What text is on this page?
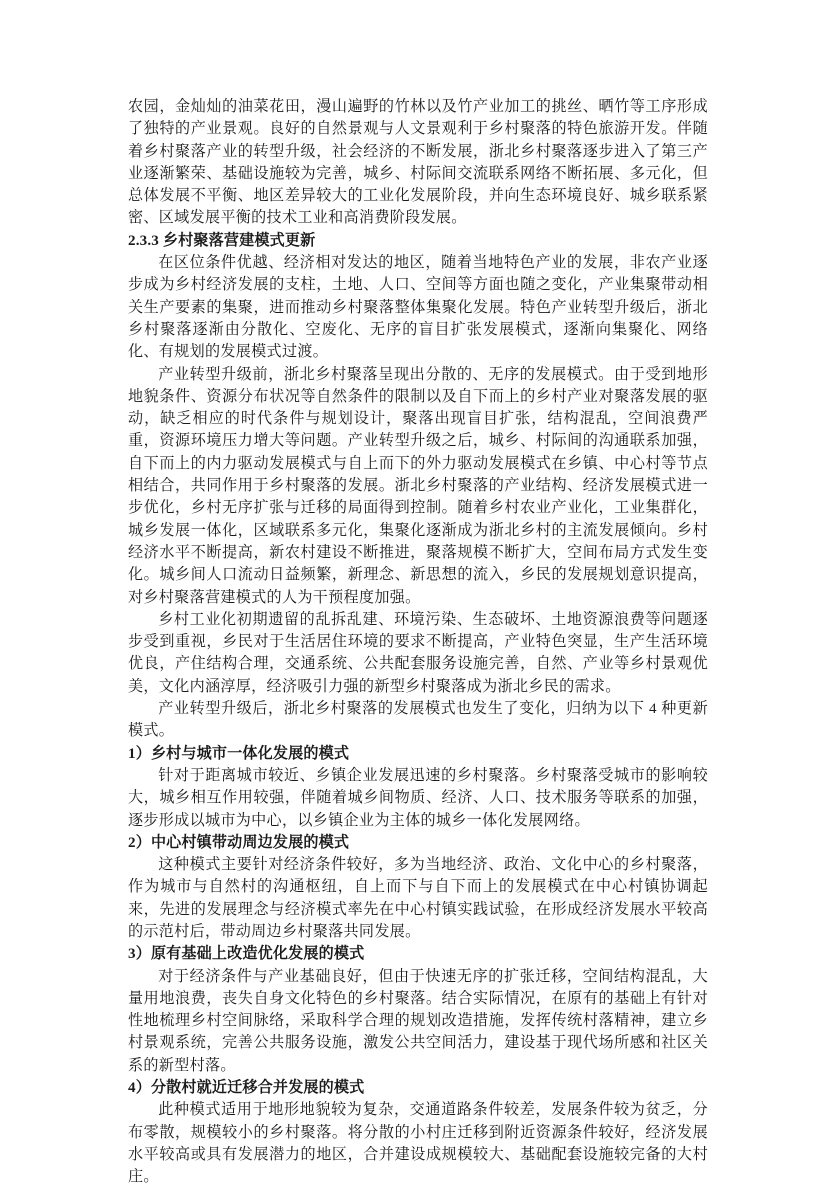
农园，金灿灿的油菜花田，漫山遍野的竹林以及竹产业加工的挑丝、晒竹等工序形成了独特的产业景观。良好的自然景观与人文景观利于乡村聚落的特色旅游开发。伴随着乡村聚落产业的转型升级，社会经济的不断发展，浙北乡村聚落逐步进入了第三产业逐渐繁荣、基础设施较为完善，城乡、村际间交流联系网络不断拓展、多元化，但总体发展不平衡、地区差异较大的工业化发展阶段，并向生态环境良好、城乡联系紧密、区域发展平衡的技术工业和高消费阶段发展。

2.3.3 乡村聚落营建模式更新

在区位条件优越、经济相对发达的地区，随着当地特色产业的发展，非农产业逐步成为乡村经济发展的支柱，土地、人口、空间等方面也随之变化，产业集聚带动相关生产要素的集聚，进而推动乡村聚落整体集聚化发展。特色产业转型升级后，浙北乡村聚落逐渐由分散化、空废化、无序的盲目扩张发展模式，逐渐向集聚化、网络化、有规划的发展模式过渡。

产业转型升级前，浙北乡村聚落呈现出分散的、无序的发展模式。由于受到地形地貌条件、资源分布状况等自然条件的限制以及自下而上的乡村产业对聚落发展的驱动，缺乏相应的时代条件与规划设计，聚落出现盲目扩张，结构混乱，空间浪费严重，资源环境压力增大等问题。产业转型升级之后，城乡、村际间的沟通联系加强，自下而上的内力驱动发展模式与自上而下的外力驱动发展模式在乡镇、中心村等节点相结合，共同作用于乡村聚落的发展。浙北乡村聚落的产业结构、经济发展模式进一步优化，乡村无序扩张与迁移的局面得到控制。随着乡村农业产业化，工业集群化，城乡发展一体化，区域联系多元化，集聚化逐渐成为浙北乡村的主流发展倾向。乡村经济水平不断提高，新农村建设不断推进，聚落规模不断扩大，空间布局方式发生变化。城乡间人口流动日益频繁，新理念、新思想的流入，乡民的发展规划意识提高，对乡村聚落营建模式的人为干预程度加强。

乡村工业化初期遗留的乱拆乱建、环境污染、生态破坏、土地资源浪费等问题逐步受到重视，乡民对于生活居住环境的要求不断提高，产业特色突显，生产生活环境优良，产住结构合理，交通系统、公共配套服务设施完善，自然、产业等乡村景观优美，文化内涵淳厚，经济吸引力强的新型乡村聚落成为浙北乡民的需求。

产业转型升级后，浙北乡村聚落的发展模式也发生了变化，归纳为以下 4 种更新模式。

1）乡村与城市一体化发展的模式

针对于距离城市较近、乡镇企业发展迅速的乡村聚落。乡村聚落受城市的影响较大，城乡相互作用较强，伴随着城乡间物质、经济、人口、技术服务等联系的加强，逐步形成以城市为中心，以乡镇企业为主体的城乡一体化发展网络。

2）中心村镇带动周边发展的模式

这种模式主要针对经济条件较好，多为当地经济、政治、文化中心的乡村聚落，作为城市与自然村的沟通枢纽，自上而下与自下而上的发展模式在中心村镇协调起来，先进的发展理念与经济模式率先在中心村镇实践试验，在形成经济发展水平较高的示范村后，带动周边乡村聚落共同发展。

3）原有基础上改造优化发展的模式

对于经济条件与产业基础良好，但由于快速无序的扩张迁移，空间结构混乱，大量用地浪费，丧失自身文化特色的乡村聚落。结合实际情况，在原有的基础上有针对性地梳理乡村空间脉络，采取科学合理的规划改造措施，发挥传统村落精神，建立乡村景观系统，完善公共服务设施，激发公共空间活力，建设基于现代场所感和社区关系的新型村落。

4）分散村就近迁移合并发展的模式

此种模式适用于地形地貌较为复杂，交通道路条件较差，发展条件较为贫乏，分布零散，规模较小的乡村聚落。将分散的小村庄迁移到附近资源条件较好，经济发展水平较高或具有发展潜力的地区，合并建设成规模较大、基础配套设施较完备的大村庄。
